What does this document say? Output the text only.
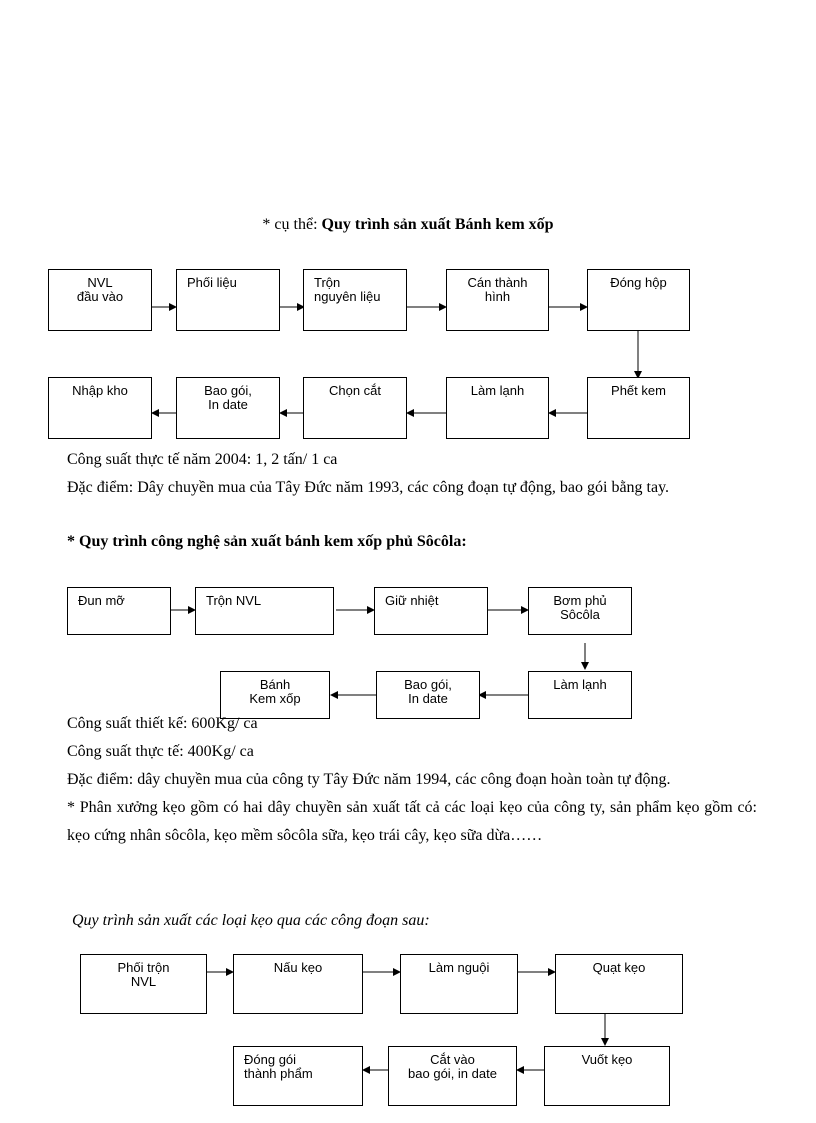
* cụ thể: Quy trình sản xuất Bánh kem xốp
NVL
đầu vào
Phối liệu	Trộn
nguyên liệu
Cán thành
hình
Đóng hộp
Nhập kho	Bao gói,
In date
Chọn cắt	Làm lạnh	Phết kem
Công suất thực tế năm 2004: 1, 2 tấn/ 1 ca
Đặc điểm: Dây chuyền mua của Tây Đức năm 1993, các công đoạn tự động, bao gói bằng tay.
* Quy trình công nghệ sản xuất bánh kem xốp phủ Sôcôla:
Đun mỡ	Trộn NVL	Giữ nhiệt	Bơm phủ
Sôcôla
Bánh
Kem xốp
Bao gói,
In date
Làm lạnh
Công suất thiết kế: 600Kg/ ca
Công suất thực tế: 400Kg/ ca
Đặc điểm: dây chuyền mua của công ty Tây Đức năm 1994, các công đoạn hoàn toàn tự động.
* Phân xưởng kẹo gồm có hai dây chuyền sản xuất tất cả các loại kẹo của công ty, sản phẩm kẹo gồm có: kẹo cứng nhân sôcôla, kẹo mềm sôcôla sữa, kẹo trái cây, kẹo sữa dừa……
Quy trình sản xuất các loại kẹo qua các công đoạn sau:
Phối trộn
NVL
Nấu kẹo	Làm nguội	Quạt kẹo
Đóng gói
thành phẩm
Cắt vào
bao gói, in date
Vuốt kẹo
